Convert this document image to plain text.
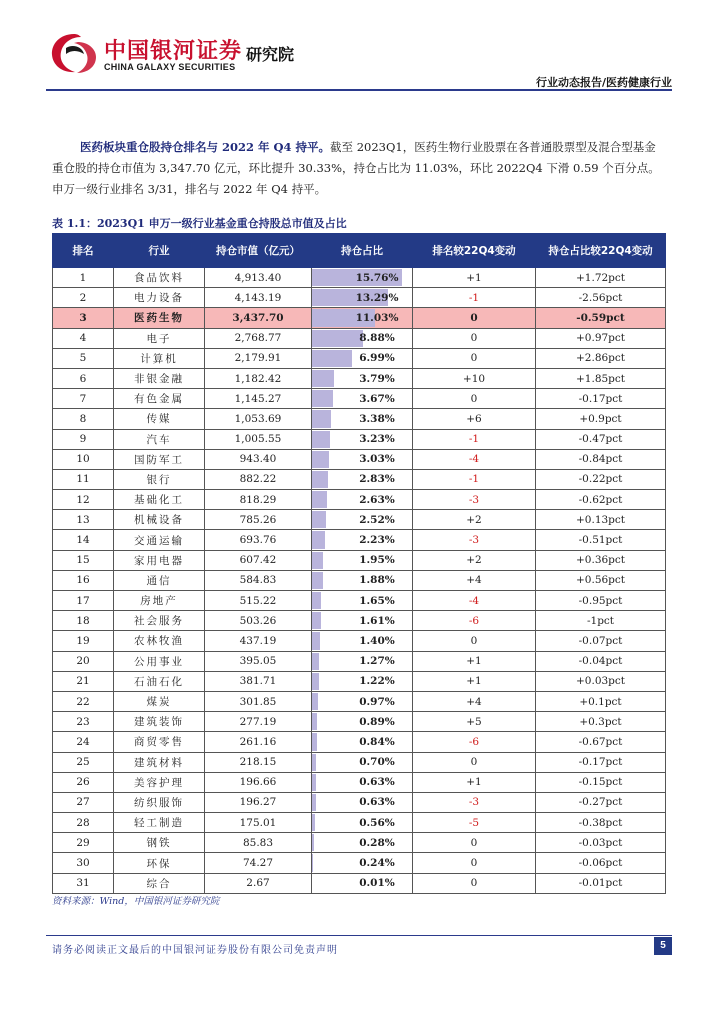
中国银河证券
CHINA GALAXY SECURITIES
研究院
行业动态报告/医药健康行业

医药板块重仓股持仓排名与 2022 年 Q4 持平。截至 2023Q1，医药生物行业股票在各普通股票型及混合型基金重仓股的持仓市值为 3,347.70 亿元，环比提升 30.33%，持仓占比为 11.03%，环比 2022Q4 下滑 0.59 个百分点。申万一级行业排名 3/31，排名与 2022 年 Q4 持平。

表 1.1：2023Q1 申万一级行业基金重仓持股总市值及占比
排名	行业	持仓市值（亿元）	持仓占比	排名较22Q4变动	持仓占比较22Q4变动
1	食品饮料	4,913.40	15.76%	+1	+1.72pct
2	电力设备	4,143.19	13.29%	-1	-2.56pct
3	医药生物	3,437.70	11.03%	0	-0.59pct
4	电子	2,768.77	8.88%	0	+0.97pct
5	计算机	2,179.91	6.99%	0	+2.86pct
6	非银金融	1,182.42	3.79%	+10	+1.85pct
7	有色金属	1,145.27	3.67%	0	-0.17pct
8	传媒	1,053.69	3.38%	+6	+0.9pct
9	汽车	1,005.55	3.23%	-1	-0.47pct
10	国防军工	943.40	3.03%	-4	-0.84pct
11	银行	882.22	2.83%	-1	-0.22pct
12	基础化工	818.29	2.63%	-3	-0.62pct
13	机械设备	785.26	2.52%	+2	+0.13pct
14	交通运输	693.76	2.23%	-3	-0.51pct
15	家用电器	607.42	1.95%	+2	+0.36pct
16	通信	584.83	1.88%	+4	+0.56pct
17	房地产	515.22	1.65%	-4	-0.95pct
18	社会服务	503.26	1.61%	-6	-1pct
19	农林牧渔	437.19	1.40%	0	-0.07pct
20	公用事业	395.05	1.27%	+1	-0.04pct
21	石油石化	381.71	1.22%	+1	+0.03pct
22	煤炭	301.85	0.97%	+4	+0.1pct
23	建筑装饰	277.19	0.89%	+5	+0.3pct
24	商贸零售	261.16	0.84%	-6	-0.67pct
25	建筑材料	218.15	0.70%	0	-0.17pct
26	美容护理	196.66	0.63%	+1	-0.15pct
27	纺织服饰	196.27	0.63%	-3	-0.27pct
28	轻工制造	175.01	0.56%	-5	-0.38pct
29	钢铁	85.83	0.28%	0	-0.03pct
30	环保	74.27	0.24%	0	-0.06pct
31	综合	2.67	0.01%	0	-0.01pct
资料来源：Wind，中国银河证券研究院
请务必阅读正文最后的中国银河证券股份有限公司免责声明	5
